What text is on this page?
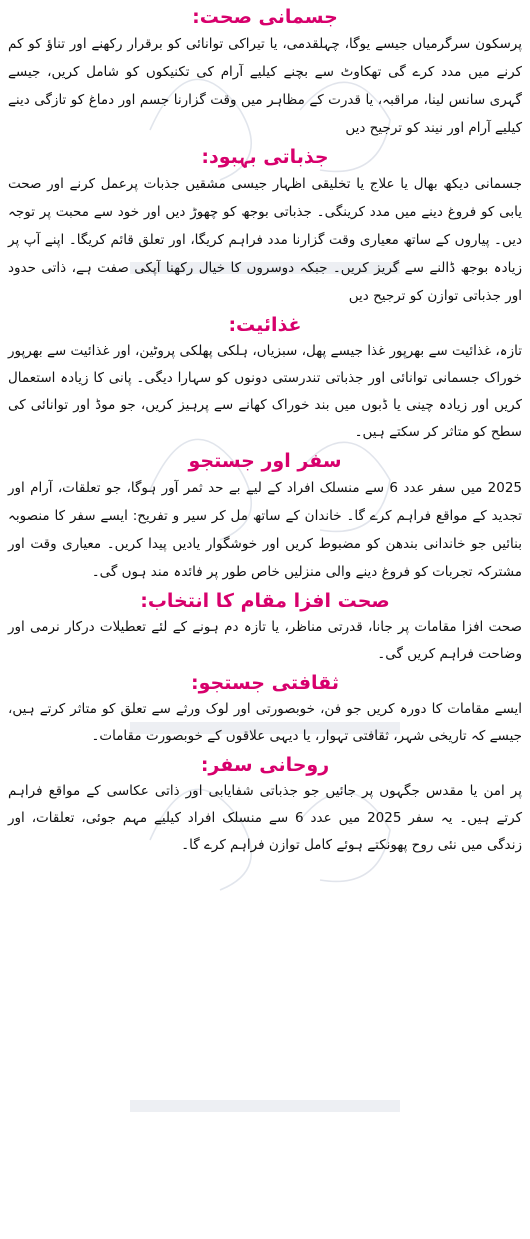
جسمانی صحت:

پرسکون سرگرمیاں جیسے یوگا، چہلقدمی، یا تیراکی توانائی کو برقرار رکھنے اور تناؤ کو کم کرنے میں مدد کرے گی تھکاوٹ سے بچنے کیلیے آرام کی تکنیکوں کو شامل کریں، جیسے گہری سانس لینا، مراقبہ، یا قدرت کے مظاہر میں وقت گزارنا جسم اور دماغ کو تازگی دینے کیلیے آرام اور نیند کو ترجیح دیں

جذباتی بہبود:

جسمانی دیکھ بھال یا علاج یا تخلیقی اظہار جیسی مشقیں جذبات پرعمل کرنے اور صحت یابی کو فروغ دینے میں مدد کرینگی۔ جذباتی بوجھ کو چھوڑ دیں اور خود سے محبت پر توجہ دیں۔ پیاروں کے ساتھ معیاری وقت گزارنا مدد فراہم کریگا، اور تعلق قائم کریگا۔ اپنے آپ پر زیادہ بوجھ ڈالنے سے گریز کریں۔ جبکہ دوسروں کا خیال رکھنا آپکی صفت ہے، ذاتی حدود اور جذباتی توازن کو ترجیح دیں

غذائیت:

تازہ، غذائیت سے بھرپور غذا جیسے پھل، سبزیاں، ہلکی پھلکی پروٹین، اور غذائیت سے بھرپور خوراک جسمانی توانائی اور جذباتی تندرستی دونوں کو سہارا دیگی۔ پانی کا زیادہ استعمال کریں اور زیادہ چینی یا ڈبوں میں بند خوراک کھانے سے پرہیز کریں، جو موڈ اور توانائی کی سطح کو متاثر کر سکتے ہیں۔

سفر اور جستجو

2025 میں سفر عدد 6 سے منسلک افراد کے لیے بے حد ثمر آور ہوگا، جو تعلقات، آرام اور تجدید کے مواقع فراہم کرے گا۔ خاندان کے ساتھ مل کر سیر و تفریح: ایسے سفر کا منصوبہ بنائیں جو خاندانی بندھن کو مضبوط کریں اور خوشگوار یادیں پیدا کریں۔ معیاری وقت اور مشترکہ تجربات کو فروغ دینے والی منزلیں خاص طور پر فائدہ مند ہوں گی۔

صحت افزا مقام کا انتخاب:

صحت افزا مقامات پر جانا، قدرتی مناظر، یا تازہ دم ہونے کے لئے تعطیلات درکار نرمی اور وضاحت فراہم کریں گی۔

ثقافتی جستجو:

ایسے مقامات کا دورہ کریں جو فن، خوبصورتی اور لوک ورثے سے تعلق کو متاثر کرتے ہیں، جیسے کہ تاریخی شہر، ثقافتی تہوار، یا دیہی علاقوں کے خوبصورت مقامات۔

روحانی سفر:

پر امن یا مقدس جگہوں پر جائیں جو جذباتی شفایابی اور ذاتی عکاسی کے مواقع فراہم کرتے ہیں۔ یہ سفر 2025 میں عدد 6 سے منسلک افراد کیلیے مہم جوئی، تعلقات، اور زندگی میں نئی روح پھونکتے ہوئے کامل توازن فراہم کرے گا۔
